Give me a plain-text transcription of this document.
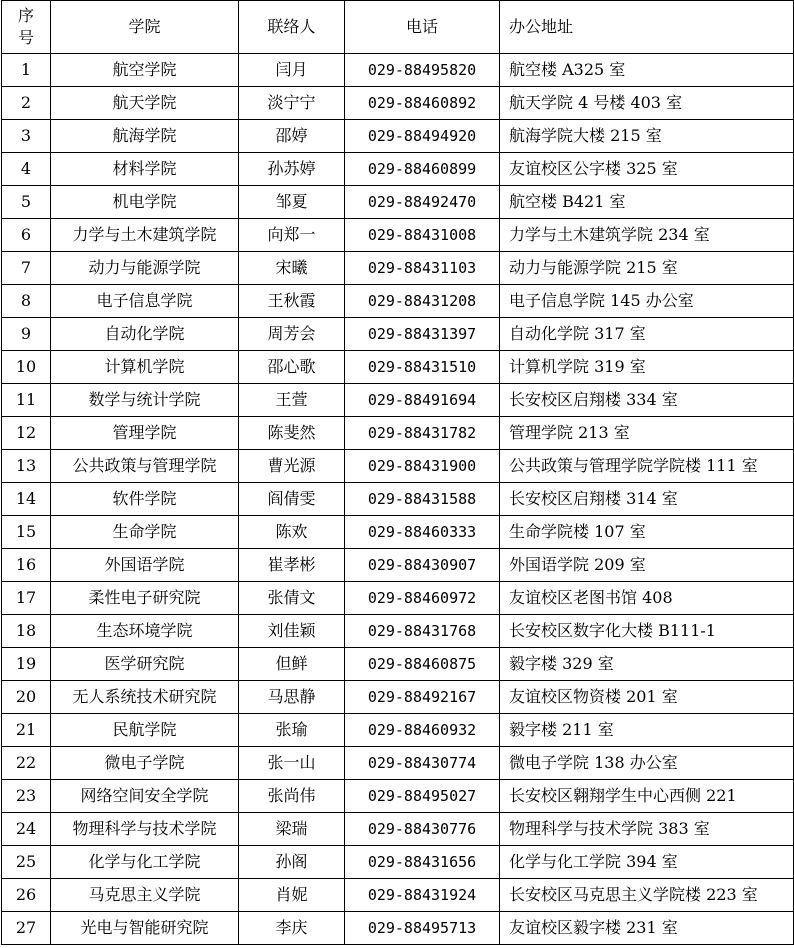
序号	学院	联络人	电话	办公地址
1	航空学院	闫月	029-88495820	航空楼 A325 室
2	航天学院	淡宁宁	029-88460892	航天学院 4 号楼 403 室
3	航海学院	邵婷	029-88494920	航海学院大楼 215 室
4	材料学院	孙苏婷	029-88460899	友谊校区公字楼 325 室
5	机电学院	邹夏	029-88492470	航空楼 B421 室
6	力学与土木建筑学院	向郑一	029-88431008	力学与土木建筑学院 234 室
7	动力与能源学院	宋曦	029-88431103	动力与能源学院 215 室
8	电子信息学院	王秋霞	029-88431208	电子信息学院 145 办公室
9	自动化学院	周芳会	029-88431397	自动化学院 317 室
10	计算机学院	邵心歌	029-88431510	计算机学院 319 室
11	数学与统计学院	王萱	029-88491694	长安校区启翔楼 334 室
12	管理学院	陈斐然	029-88431782	管理学院 213 室
13	公共政策与管理学院	曹光源	029-88431900	公共政策与管理学院学院楼 111 室
14	软件学院	阎倩雯	029-88431588	长安校区启翔楼 314 室
15	生命学院	陈欢	029-88460333	生命学院楼 107 室
16	外国语学院	崔孝彬	029-88430907	外国语学院 209 室
17	柔性电子研究院	张倩文	029-88460972	友谊校区老图书馆 408
18	生态环境学院	刘佳颖	029-88431768	长安校区数字化大楼 B111-1
19	医学研究院	但鲜	029-88460875	毅字楼 329 室
20	无人系统技术研究院	马思静	029-88492167	友谊校区物资楼 201 室
21	民航学院	张瑜	029-88460932	毅字楼 211 室
22	微电子学院	张一山	029-88430774	微电子学院 138 办公室
23	网络空间安全学院	张尚伟	029-88495027	长安校区翱翔学生中心西侧 221
24	物理科学与技术学院	梁瑞	029-88430776	物理科学与技术学院 383 室
25	化学与化工学院	孙阁	029-88431656	化学与化工学院 394 室
26	马克思主义学院	肖妮	029-88431924	长安校区马克思主义学院楼 223 室
27	光电与智能研究院	李庆	029-88495713	友谊校区毅字楼 231 室
